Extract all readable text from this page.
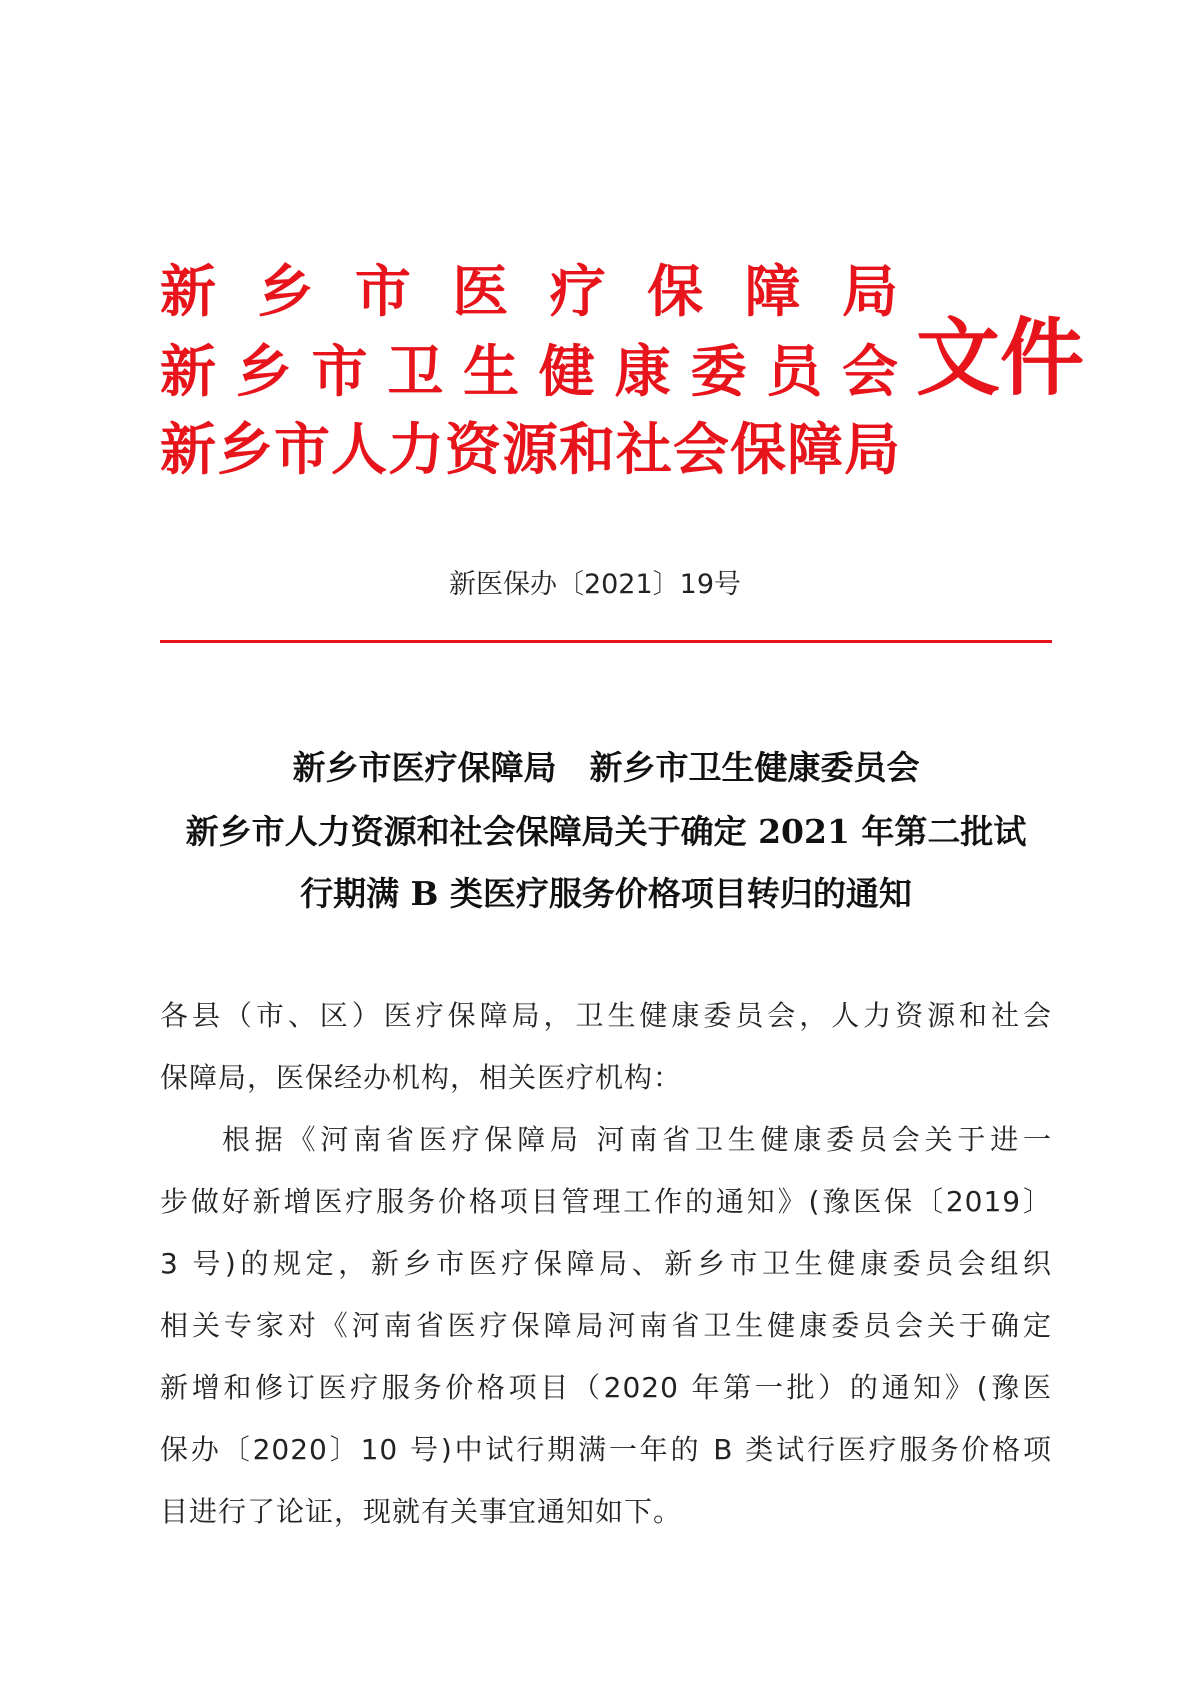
新 乡 市 医 疗 保 障 局
新乡市卫生健康委员会
新乡市人力资源和社会保障局
文件
新医保办〔2021〕19号
新乡市医疗保障局　新乡市卫生健康委员会
新乡市人力资源和社会保障局关于确定 2021 年第二批试
行期满 B 类医疗服务价格项目转归的通知
各县（市、区）医疗保障局，卫生健康委员会，人力资源和社会
保障局，医保经办机构，相关医疗机构：
根据《河南省医疗保障局 河南省卫生健康委员会关于进一
步做好新增医疗服务价格项目管理工作的通知》(豫医保〔2019〕
3 号)的规定，新乡市医疗保障局、新乡市卫生健康委员会组织
相关专家对《河南省医疗保障局河南省卫生健康委员会关于确定
新增和修订医疗服务价格项目（2020 年第一批）的通知》(豫医
保办〔2020〕10 号)中试行期满一年的 B 类试行医疗服务价格项
目进行了论证，现就有关事宜通知如下。
